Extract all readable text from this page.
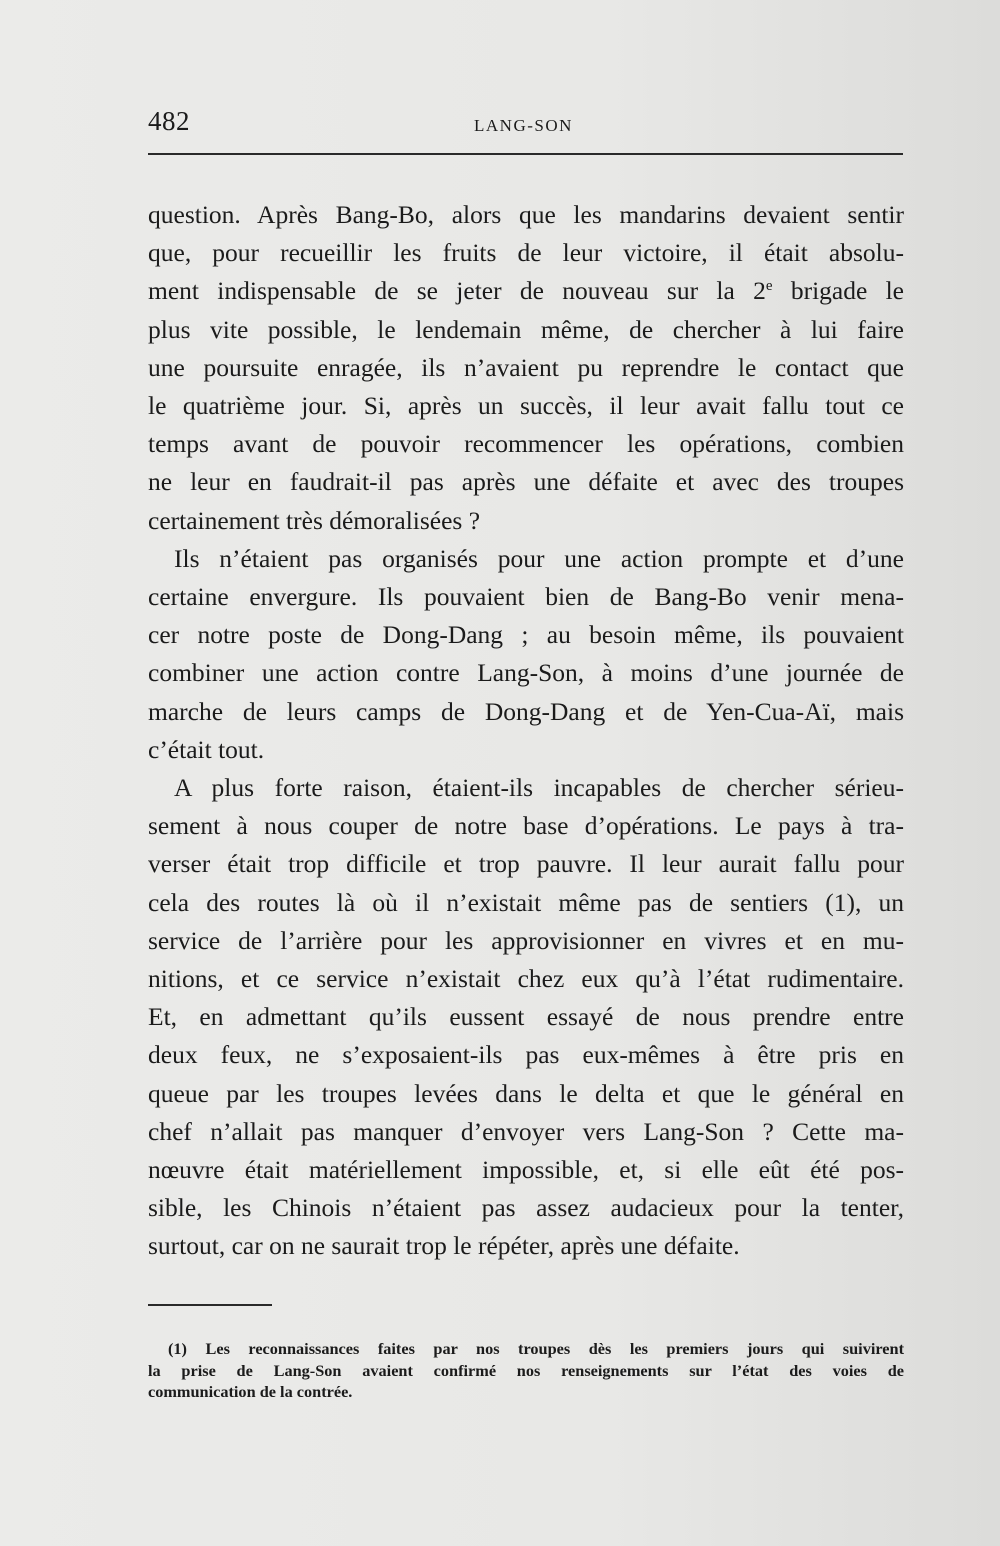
482	LANG-SON

question. Après Bang-Bo, alors que les mandarins devaient sentir
que, pour recueillir les fruits de leur victoire, il était absolu-
ment indispensable de se jeter de nouveau sur la 2e brigade le
plus vite possible, le lendemain même, de chercher à lui faire
une poursuite enragée, ils n’avaient pu reprendre le contact que
le quatrième jour. Si, après un succès, il leur avait fallu tout ce
temps avant de pouvoir recommencer les opérations, combien
ne leur en faudrait-il pas après une défaite et avec des troupes
certainement très démoralisées ?

Ils n’étaient pas organisés pour une action prompte et d’une
certaine envergure. Ils pouvaient bien de Bang-Bo venir mena-
cer notre poste de Dong-Dang ; au besoin même, ils pouvaient
combiner une action contre Lang-Son, à moins d’une journée de
marche de leurs camps de Dong-Dang et de Yen-Cua-Aï, mais
c’était tout.

A plus forte raison, étaient-ils incapables de chercher sérieu-
sement à nous couper de notre base d’opérations. Le pays à tra-
verser était trop difficile et trop pauvre. Il leur aurait fallu pour
cela des routes là où il n’existait même pas de sentiers (1), un
service de l’arrière pour les approvisionner en vivres et en mu-
nitions, et ce service n’existait chez eux qu’à l’état rudimentaire.
Et, en admettant qu’ils eussent essayé de nous prendre entre
deux feux, ne s’exposaient-ils pas eux-mêmes à être pris en
queue par les troupes levées dans le delta et que le général en
chef n’allait pas manquer d’envoyer vers Lang-Son ? Cette ma-
nœuvre était matériellement impossible, et, si elle eût été pos-
sible, les Chinois n’étaient pas assez audacieux pour la tenter,
surtout, car on ne saurait trop le répéter, après une défaite.

(1) Les reconnaissances faites par nos troupes dès les premiers jours qui suivirent
la prise de Lang-Son avaient confirmé nos renseignements sur l’état des voies de
communication de la contrée.
